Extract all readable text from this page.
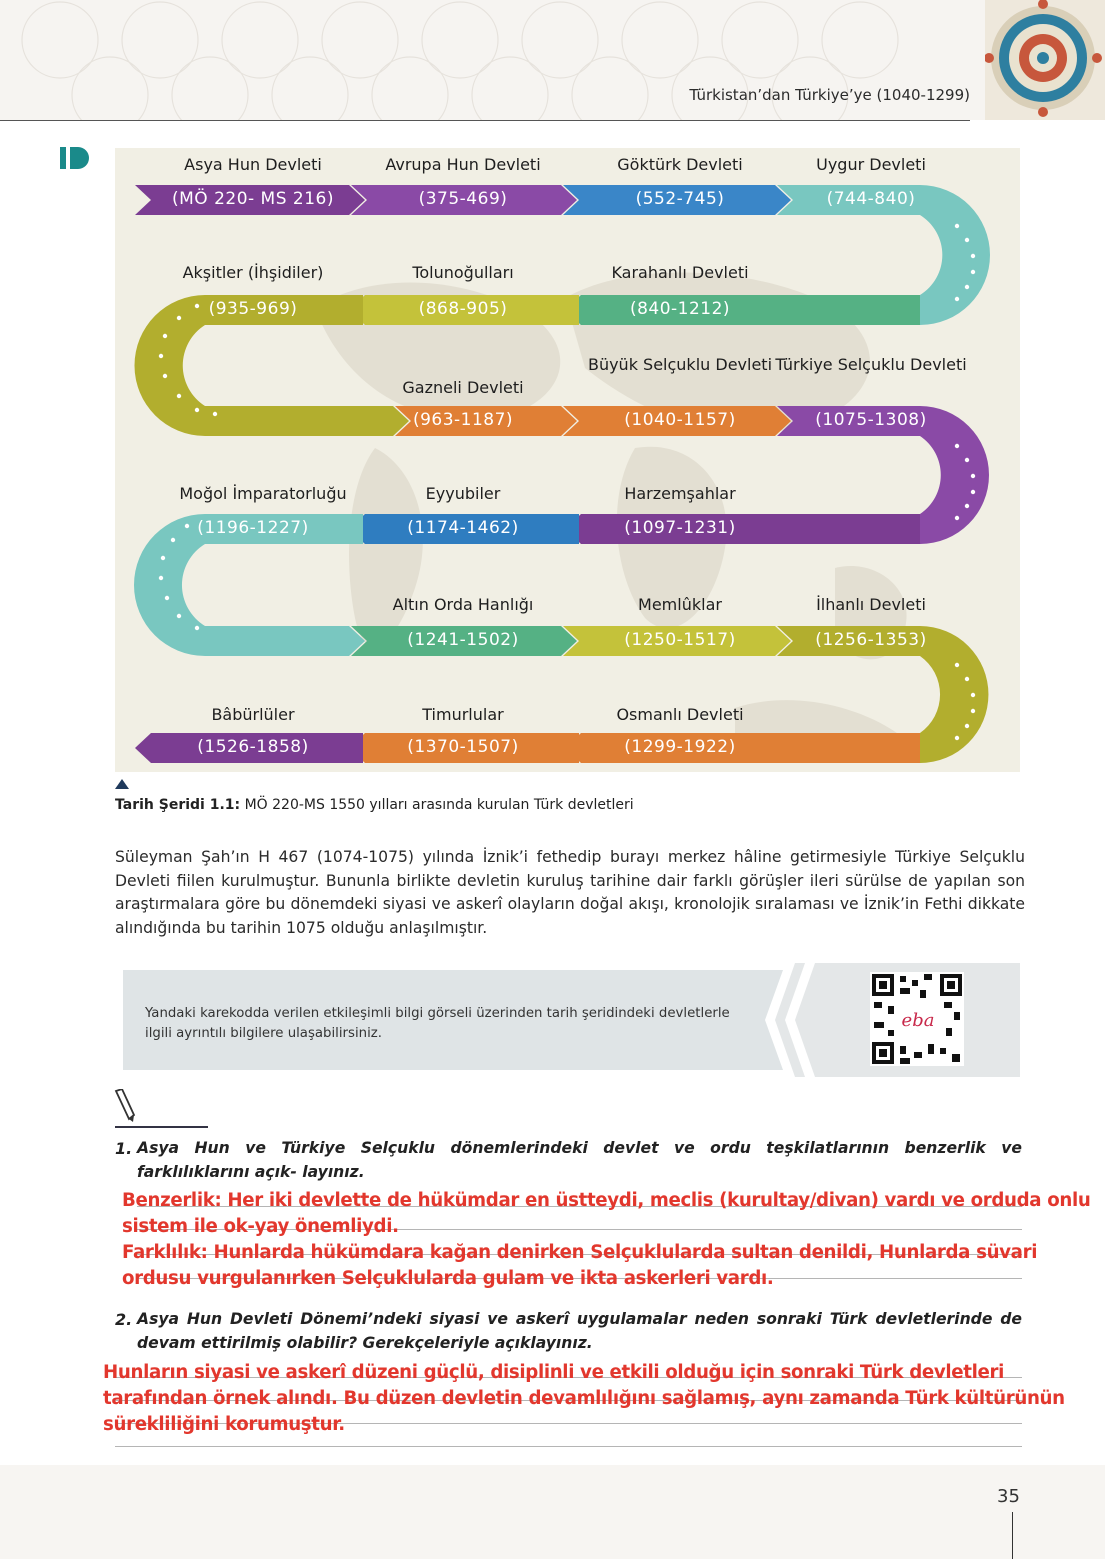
Türkistan’dan Türkiye’ye (1040-1299)
Asya Hun Devleti
(MÖ 220- MS 216)
Avrupa Hun Devleti
(375-469)
Göktürk Devleti
(552-745)
Uygur Devleti
(744-840)
Karahanlı Devleti
(840-1212)
Tolunoğulları
(868-905)
Akşitler (İhşidiler)
(935-969)
Gazneli Devleti
(963-1187)
Büyük Selçuklu Devleti
(1040-1157)
Türkiye Selçuklu Devleti
(1075-1308)
Harzemşahlar
(1097-1231)
Eyyubiler
(1174-1462)
Moğol İmparatorluğu
(1196-1227)
Altın Orda Hanlığı
(1241-1502)
Memlûklar
(1250-1517)
İlhanlı Devleti
(1256-1353)
Osmanlı Devleti
(1299-1922)
Timurlular
(1370-1507)
Bâbürlüler
(1526-1858)
Tarih Şeridi 1.1: MÖ 220-MS 1550 yılları arasında kurulan Türk devletleri
Süleyman Şah’ın H 467 (1074-1075) yılında İznik’i fethedip burayı merkez hâline getirmesiyle Türkiye Selçuklu Devleti fiilen kurulmuştur. Bununla birlikte devletin kuruluş tarihine dair farklı görüşler ileri sürülse de yapılan son araştırmalara göre bu dönemdeki siyasi ve askerî olayların doğal akışı, kronolojik sıralaması ve İznik’in Fethi dikkate alındığında bu tarihin 1075 olduğu anlaşılmıştır.
Yandaki karekodda verilen etkileşimli bilgi görseli üzerinden tarih şeridindeki devletlerle ilgili ayrıntılı bilgilere ulaşabilirsiniz.
eba
1. Asya Hun ve Türkiye Selçuklu dönemlerindeki devlet ve ordu teşkilatlarının benzerlik ve farklılıklarını açık- layınız.
Benzerlik: Her iki devlette de hükümdar en üstteydi, meclis (kurultay/divan) vardı ve orduda onlu
sistem ile ok-yay önemliydi.
Farklılık: Hunlarda hükümdara kağan denirken Selçuklularda sultan denildi, Hunlarda süvari
ordusu vurgulanırken Selçuklularda gulam ve ikta askerleri vardı.
2. Asya Hun Devleti Dönemi’ndeki siyasi ve askerî uygulamalar neden sonraki Türk devletlerinde de devam ettirilmiş olabilir? Gerekçeleriyle açıklayınız.
Hunların siyasi ve askerî düzeni güçlü, disiplinli ve etkili olduğu için sonraki Türk devletleri
tarafından örnek alındı. Bu düzen devletin devamlılığını sağlamış, aynı zamanda Türk kültürünün
sürekliliğini korumuştur.
35
